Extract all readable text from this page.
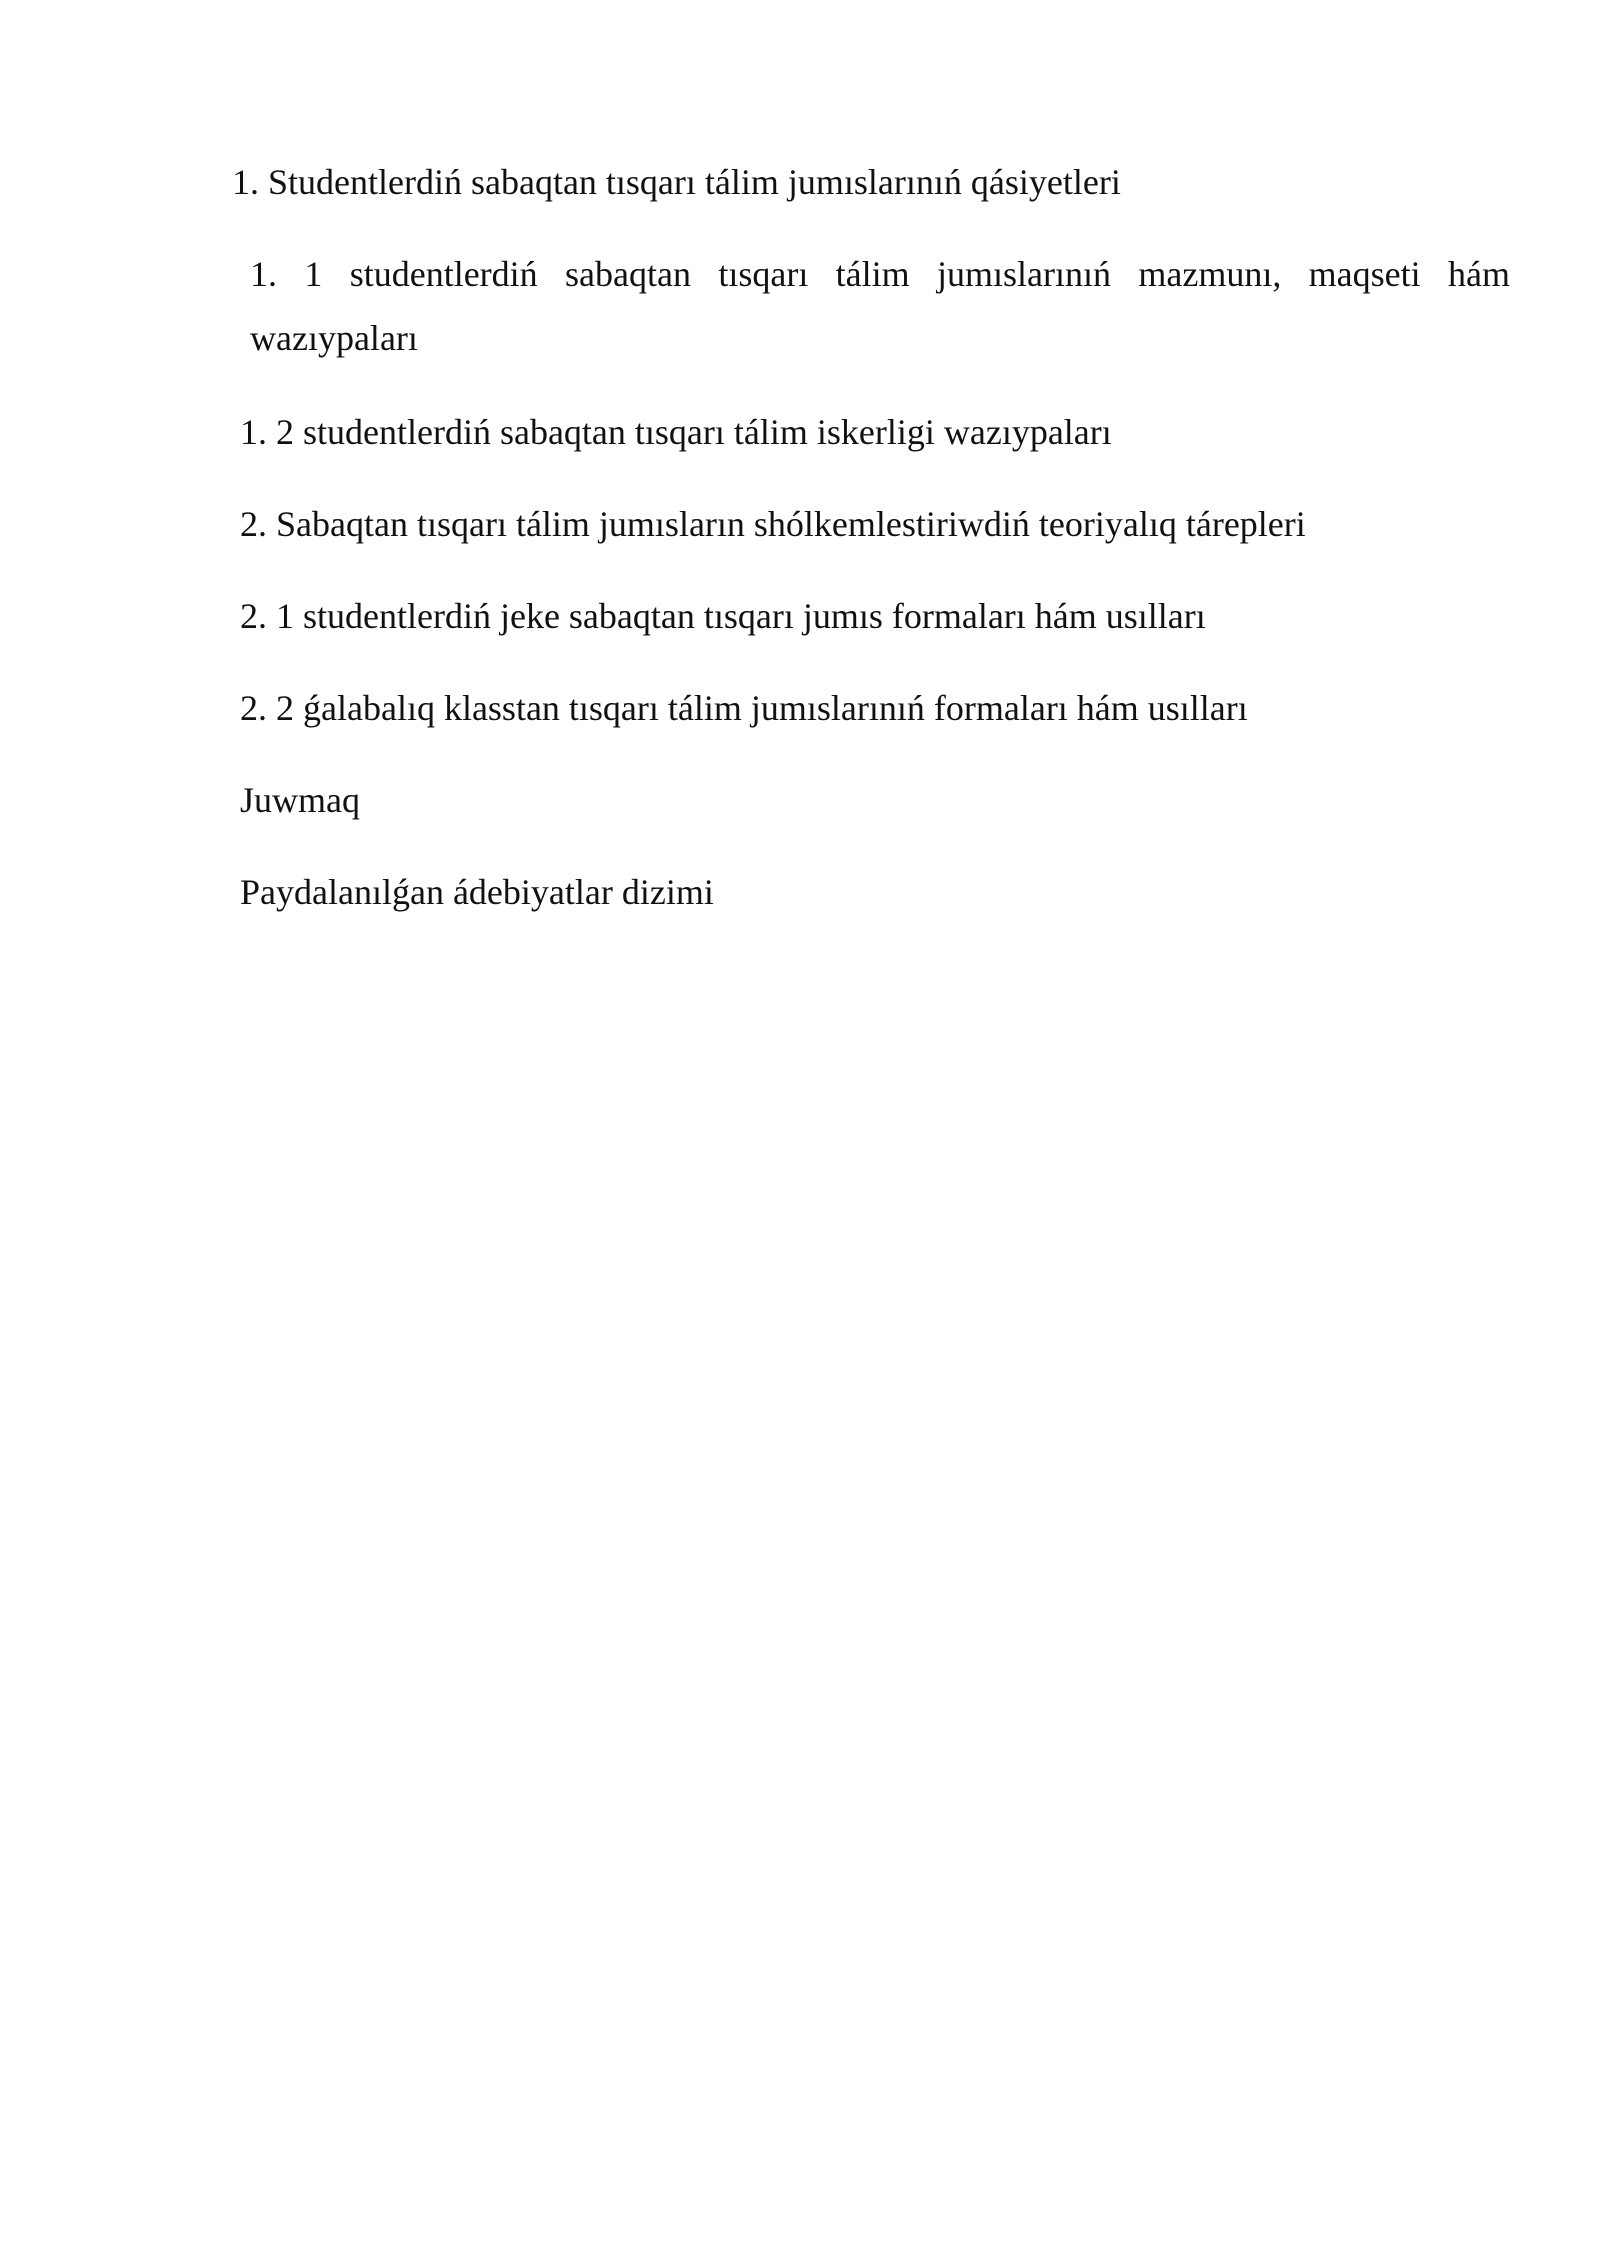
1. Studentlerdiń sabaqtan tısqarı tálim jumıslarınıń qásiyetleri

1. 1 studentlerdiń sabaqtan tısqarı tálim jumıslarınıń mazmunı, maqseti hám wazıypaları

1. 2 studentlerdiń sabaqtan tısqarı tálim iskerligi wazıypaları

2. Sabaqtan tısqarı tálim jumısların shólkemlestiriwdiń teoriyalıq tárepleri

2. 1 studentlerdiń jeke sabaqtan tısqarı jumıs formaları hám usılları

2. 2 ǵalabalıq klasstan tısqarı tálim jumıslarınıń formaları hám usılları

Juwmaq

Paydalanılǵan ádebiyatlar dizimi
